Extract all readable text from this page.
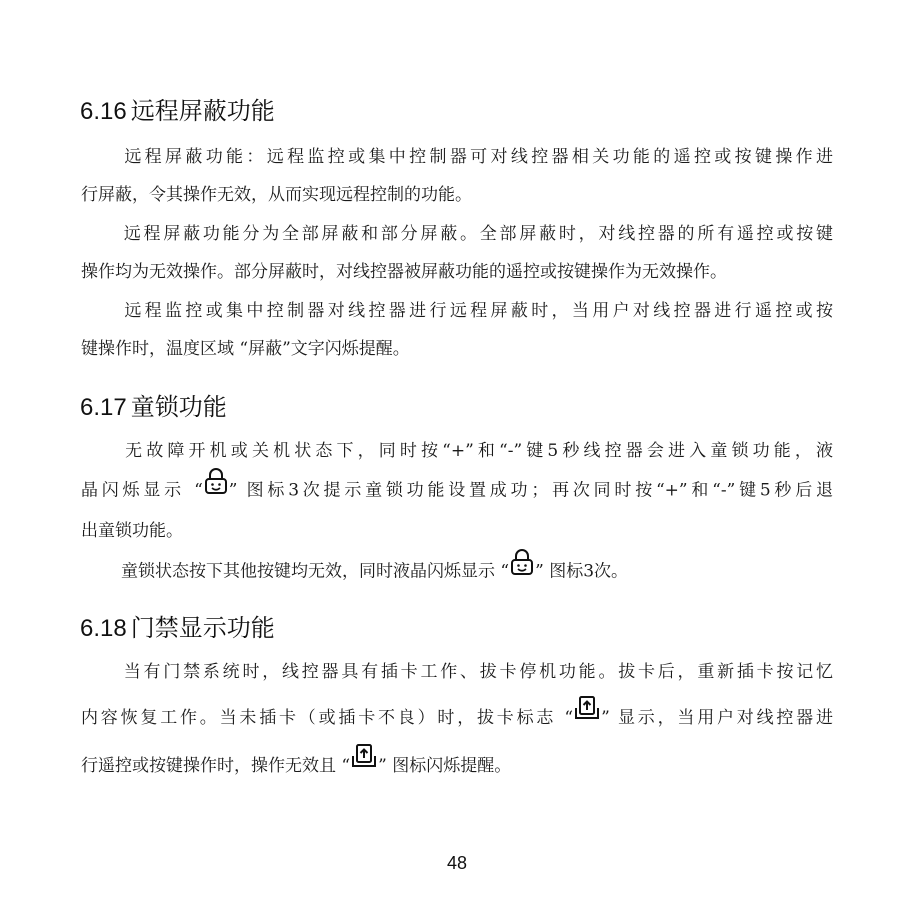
6.16 远程屏蔽功能
远程屏蔽功能：远程监控或集中控制器可对线控器相关功能的遥控或按键操作进
行屏蔽，令其操作无效，从而实现远程控制的功能。
远程屏蔽功能分为全部屏蔽和部分屏蔽。全部屏蔽时，对线控器的所有遥控或按键
操作均为无效操作。部分屏蔽时，对线控器被屏蔽功能的遥控或按键操作为无效操作。
远程监控或集中控制器对线控器进行远程屏蔽时，当用户对线控器进行遥控或按
键操作时，温度区域 “屏蔽”文字闪烁提醒。
6.17 童锁功能
无故障开机或关机状态下，同时按“+”和“-”键5秒线控器会进入童锁功能，液
晶闪烁显示 “ ” 图标3次提示童锁功能设置成功；再次同时按“+”和“-”键5秒后退
出童锁功能。
童锁状态按下其他按键均无效，同时液晶闪烁显示 “ ” 图标3次。
6.18 门禁显示功能
当有门禁系统时，线控器具有插卡工作、拔卡停机功能。拔卡后，重新插卡按记忆
内容恢复工作。当未插卡（或插卡不良）时，拔卡标志 “ ” 显示，当用户对线控器进
行遥控或按键操作时，操作无效且 “ ” 图标闪烁提醒。
48
